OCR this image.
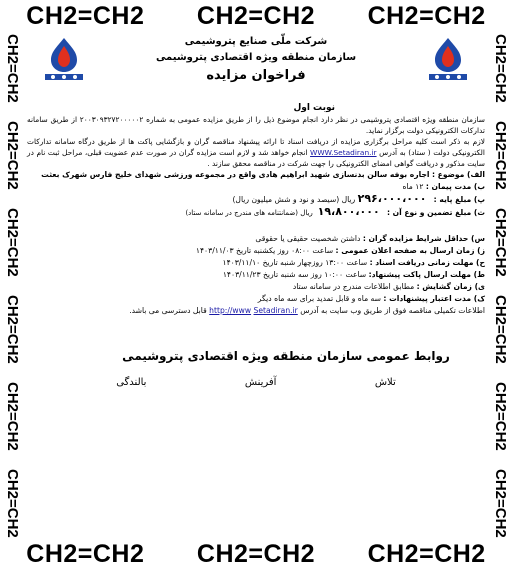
CH2=CH2 CH2=CH2 CH2=CH2
CH2=CH2
CH2=CH2
CH2=CH2
CH2=CH2
CH2=CH2
CH2=CH2
CH2=CH2
CH2=CH2
CH2=CH2
CH2=CH2
CH2=CH2
CH2=CH2
CH2=CH2 CH2=CH2 CH2=CH2
شرکت ملّی صنایع پتروشیمی
سازمان منطقه ویژه اقتصادی پتروشیمی
فراخوان مزایده
نوبت اول
سازمان منطقه ویژه اقتصادی پتروشیمی در نظر دارد انجام موضوع ذیل را از طریق مزایده عمومی به شماره ۲۰۰۳۰۹۳۲۷۲۰۰۰۰۰۲ از طریق سامانه تدارکات الکترونیکی دولت برگزار نماید.
لازم به ذکر است کلیه مراحل برگزاری مزایده از دریافت اسناد تا ارائه پیشنهاد مناقصه گران و بازگشایی پاکت ها از طریق درگاه سامانه تدارکات الکترونیکی دولت ( ستاد) به آدرس WWW.Setadiran.ir انجام خواهد شد و لازم است مزایده گران در صورت عدم عضویت قبلی، مراحل ثبت نام در سایت مذکور و دریافت گواهی امضای الکترونیکی را جهت شرکت در مناقصه محقق سازند .
الف) موضوع : اجاره بوفه سالن بدنسازی شهید ابراهیم هادی واقع در مجموعه ورزشی شهدای خلیج فارس شهرک بعثت
ب) مدت پیمان : ۱۲ ماه
پ) مبلغ پایه :   ۲۹۶،۰۰۰،۰۰۰ ریال (سیصد و نود و شش میلیون ریال)
ث) مبلغ تضمین و نوع آن :   ۱۹،۸۰۰،۰۰۰  ریال (ضمانتنامه های مندرج در سامانه ستاد)
س) حداقل شرایط مزایده گران : داشتن شخصیت حقیقی یا حقوقی
ز) زمان ارسال به صفحه اعلان عمومی : ساعت ۰۸:۰۰ روز یکشنبه تاریخ ۱۴۰۳/۱۱/۰۳
ح) مهلت زمانی دریافت اسناد : ساعت ۱۳:۰۰ روزچهار شنبه تاریخ ۱۴۰۳/۱۱/۱۰
ط) مهلت ارسال پاکت پیشنهاد: ساعت ۱۰:۰۰ روز سه شنبه تاریخ ۱۴۰۳/۱۱/۲۳
ی) زمان گشایش : مطابق اطلاعات مندرج در سامانه ستاد
ک) مدت اعتبار پیشنهادات : سه ماه و قابل تمدید برای سه ماه دیگر
اطلاعات تکمیلی مناقصه فوق از طریق وب سایت به آدرس http://www Setadiran.ir قابل دسترسی می باشد.
روابط عمومی سازمان منطقه ویژه اقتصادی پتروشیمی
تلاش
آفرینش
بالندگی
